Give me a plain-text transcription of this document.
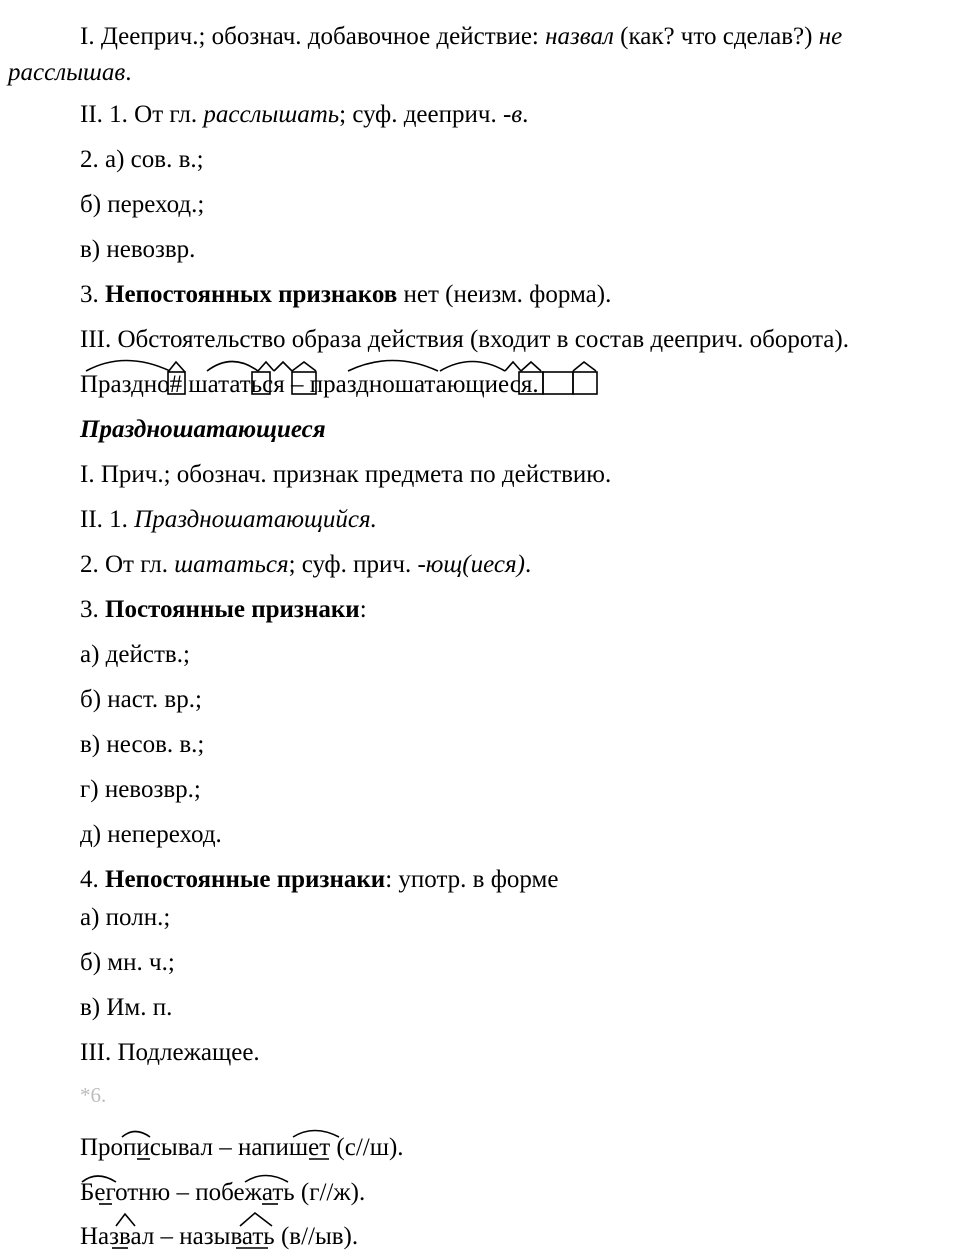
I. Дееприч.; обознач. добавочное действие: назвал (как? что сделав?) не
расслышав.
II. 1. От гл. расслышать; суф. дееприч. -в.
2. а) сов. в.;
б) переход.;
в) невозвр.
3. Непостоянных признаков нет (неизм. форма).
III. Обстоятельство образа действия (входит в состав дееприч. оборота).
Праздно# шататься – праздношатающиеся.
Праздношатающиеся
I. Прич.; обознач. признак предмета по действию.
II. 1. Праздношатающийся.
2. От гл. шататься; суф. прич. -ющ(иеся).
3. Постоянные признаки:
а) действ.;
б) наст. вр.;
в) несов. в.;
г) невозвр.;
д) непереход.
4. Непостоянные признаки: употр. в форме
а) полн.;
б) мн. ч.;
в) Им. п.
III. Подлежащее.
*6.
Прописывал – напишет (с//ш).
Беготню – побежать (г//ж).
Назвал – называть (в//ыв).
